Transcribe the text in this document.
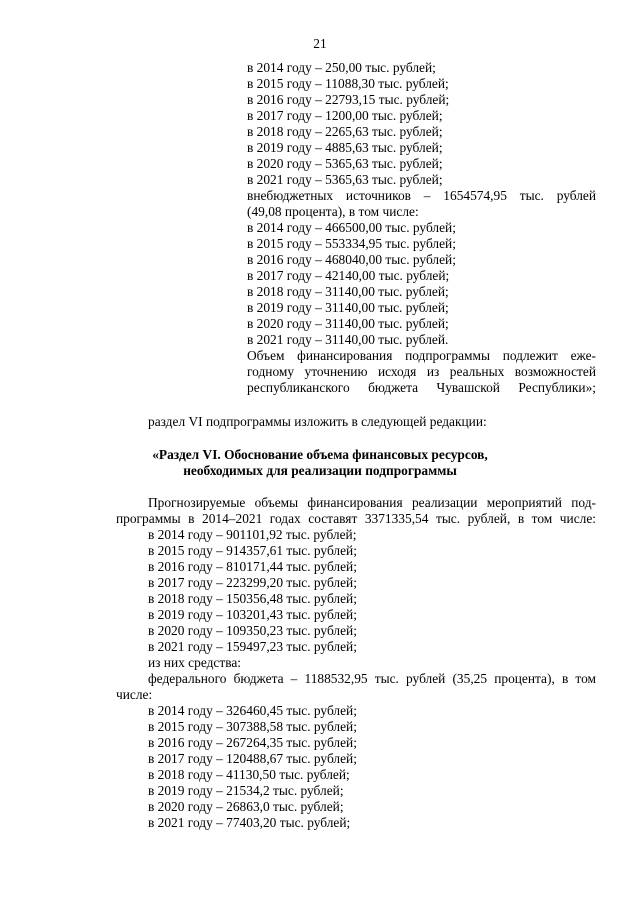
21
в 2014 году – 250,00 тыс. рублей;
в 2015 году – 11088,30 тыс. рублей;
в 2016 году – 22793,15 тыс. рублей;
в 2017 году – 1200,00 тыс. рублей;
в 2018 году – 2265,63 тыс. рублей;
в 2019 году – 4885,63 тыс. рублей;
в 2020 году – 5365,63 тыс. рублей;
в 2021 году – 5365,63 тыс. рублей;
внебюджетных источников – 1654574,95 тыс. рублей
(49,08 процента), в том числе:
в 2014 году – 466500,00 тыс. рублей;
в 2015 году – 553334,95 тыс. рублей;
в 2016 году – 468040,00 тыс. рублей;
в 2017 году – 42140,00 тыс. рублей;
в 2018 году – 31140,00 тыс. рублей;
в 2019 году – 31140,00 тыс. рублей;
в 2020 году – 31140,00 тыс. рублей;
в 2021 году – 31140,00 тыс. рублей.
Объем финансирования подпрограммы подлежит еже-
годному уточнению исходя из реальных возможностей
республиканского бюджета Чувашской Республики»;
раздел VI подпрограммы изложить в следующей редакции:
«Раздел VI. Обоснование объема финансовых ресурсов,
необходимых для реализации подпрограммы
Прогнозируемые объемы финансирования реализации мероприятий под-
программы в 2014–2021 годах составят 3371335,54 тыс. рублей, в том числе:
в 2014 году – 901101,92 тыс. рублей;
в 2015 году – 914357,61 тыс. рублей;
в 2016 году – 810171,44 тыс. рублей;
в 2017 году – 223299,20 тыс. рублей;
в 2018 году – 150356,48 тыс. рублей;
в 2019 году – 103201,43 тыс. рублей;
в 2020 году – 109350,23 тыс. рублей;
в 2021 году – 159497,23 тыс. рублей;
из них средства:
федерального бюджета – 1188532,95 тыс. рублей (35,25 процента), в том
числе:
в 2014 году – 326460,45 тыс. рублей;
в 2015 году – 307388,58 тыс. рублей;
в 2016 году – 267264,35 тыс. рублей;
в 2017 году – 120488,67 тыс. рублей;
в 2018 году – 41130,50 тыс. рублей;
в 2019 году – 21534,2 тыс. рублей;
в 2020 году – 26863,0 тыс. рублей;
в 2021 году – 77403,20 тыс. рублей;
